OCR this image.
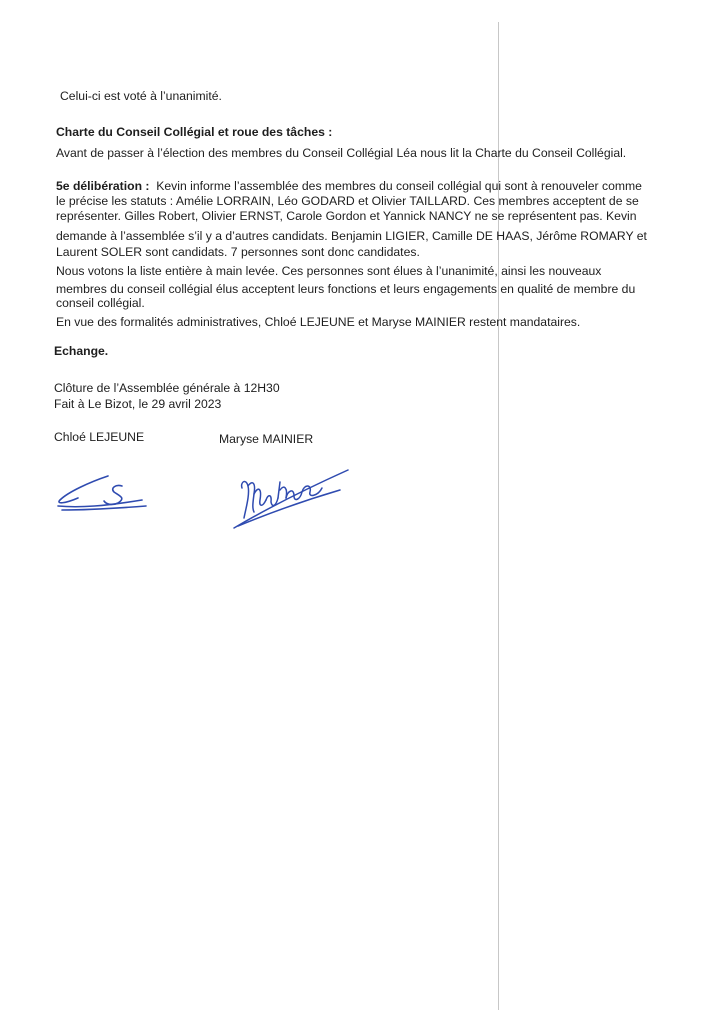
Celui-ci est voté à l’unanimité.
Charte du Conseil Collégial et roue des tâches :
Avant de passer à l’élection des membres du Conseil Collégial Léa nous lit la Charte du Conseil Collégial.
5e délibération : Kevin informe l’assemblée des membres du conseil collégial qui sont à renouveler comme
le précise les statuts : Amélie LORRAIN, Léo GODARD et Olivier TAILLARD. Ces membres acceptent de se
représenter. Gilles Robert, Olivier ERNST, Carole Gordon et Yannick NANCY ne se représentent pas. Kevin
demande à l’assemblée s’il y a d’autres candidats. Benjamin LIGIER, Camille DE HAAS, Jérôme ROMARY et
Laurent SOLER sont candidats. 7 personnes sont donc candidates.
Nous votons la liste entière à main levée. Ces personnes sont élues à l’unanimité, ainsi les nouveaux
membres du conseil collégial élus acceptent leurs fonctions et leurs engagements en qualité de membre du
conseil collégial.
En vue des formalités administratives, Chloé LEJEUNE et Maryse MAINIER restent mandataires.
Echange.
Clôture de l’Assemblée générale à 12H30
Fait à Le Bizot, le 29 avril 2023
Chloé LEJEUNE	Maryse MAINIER
